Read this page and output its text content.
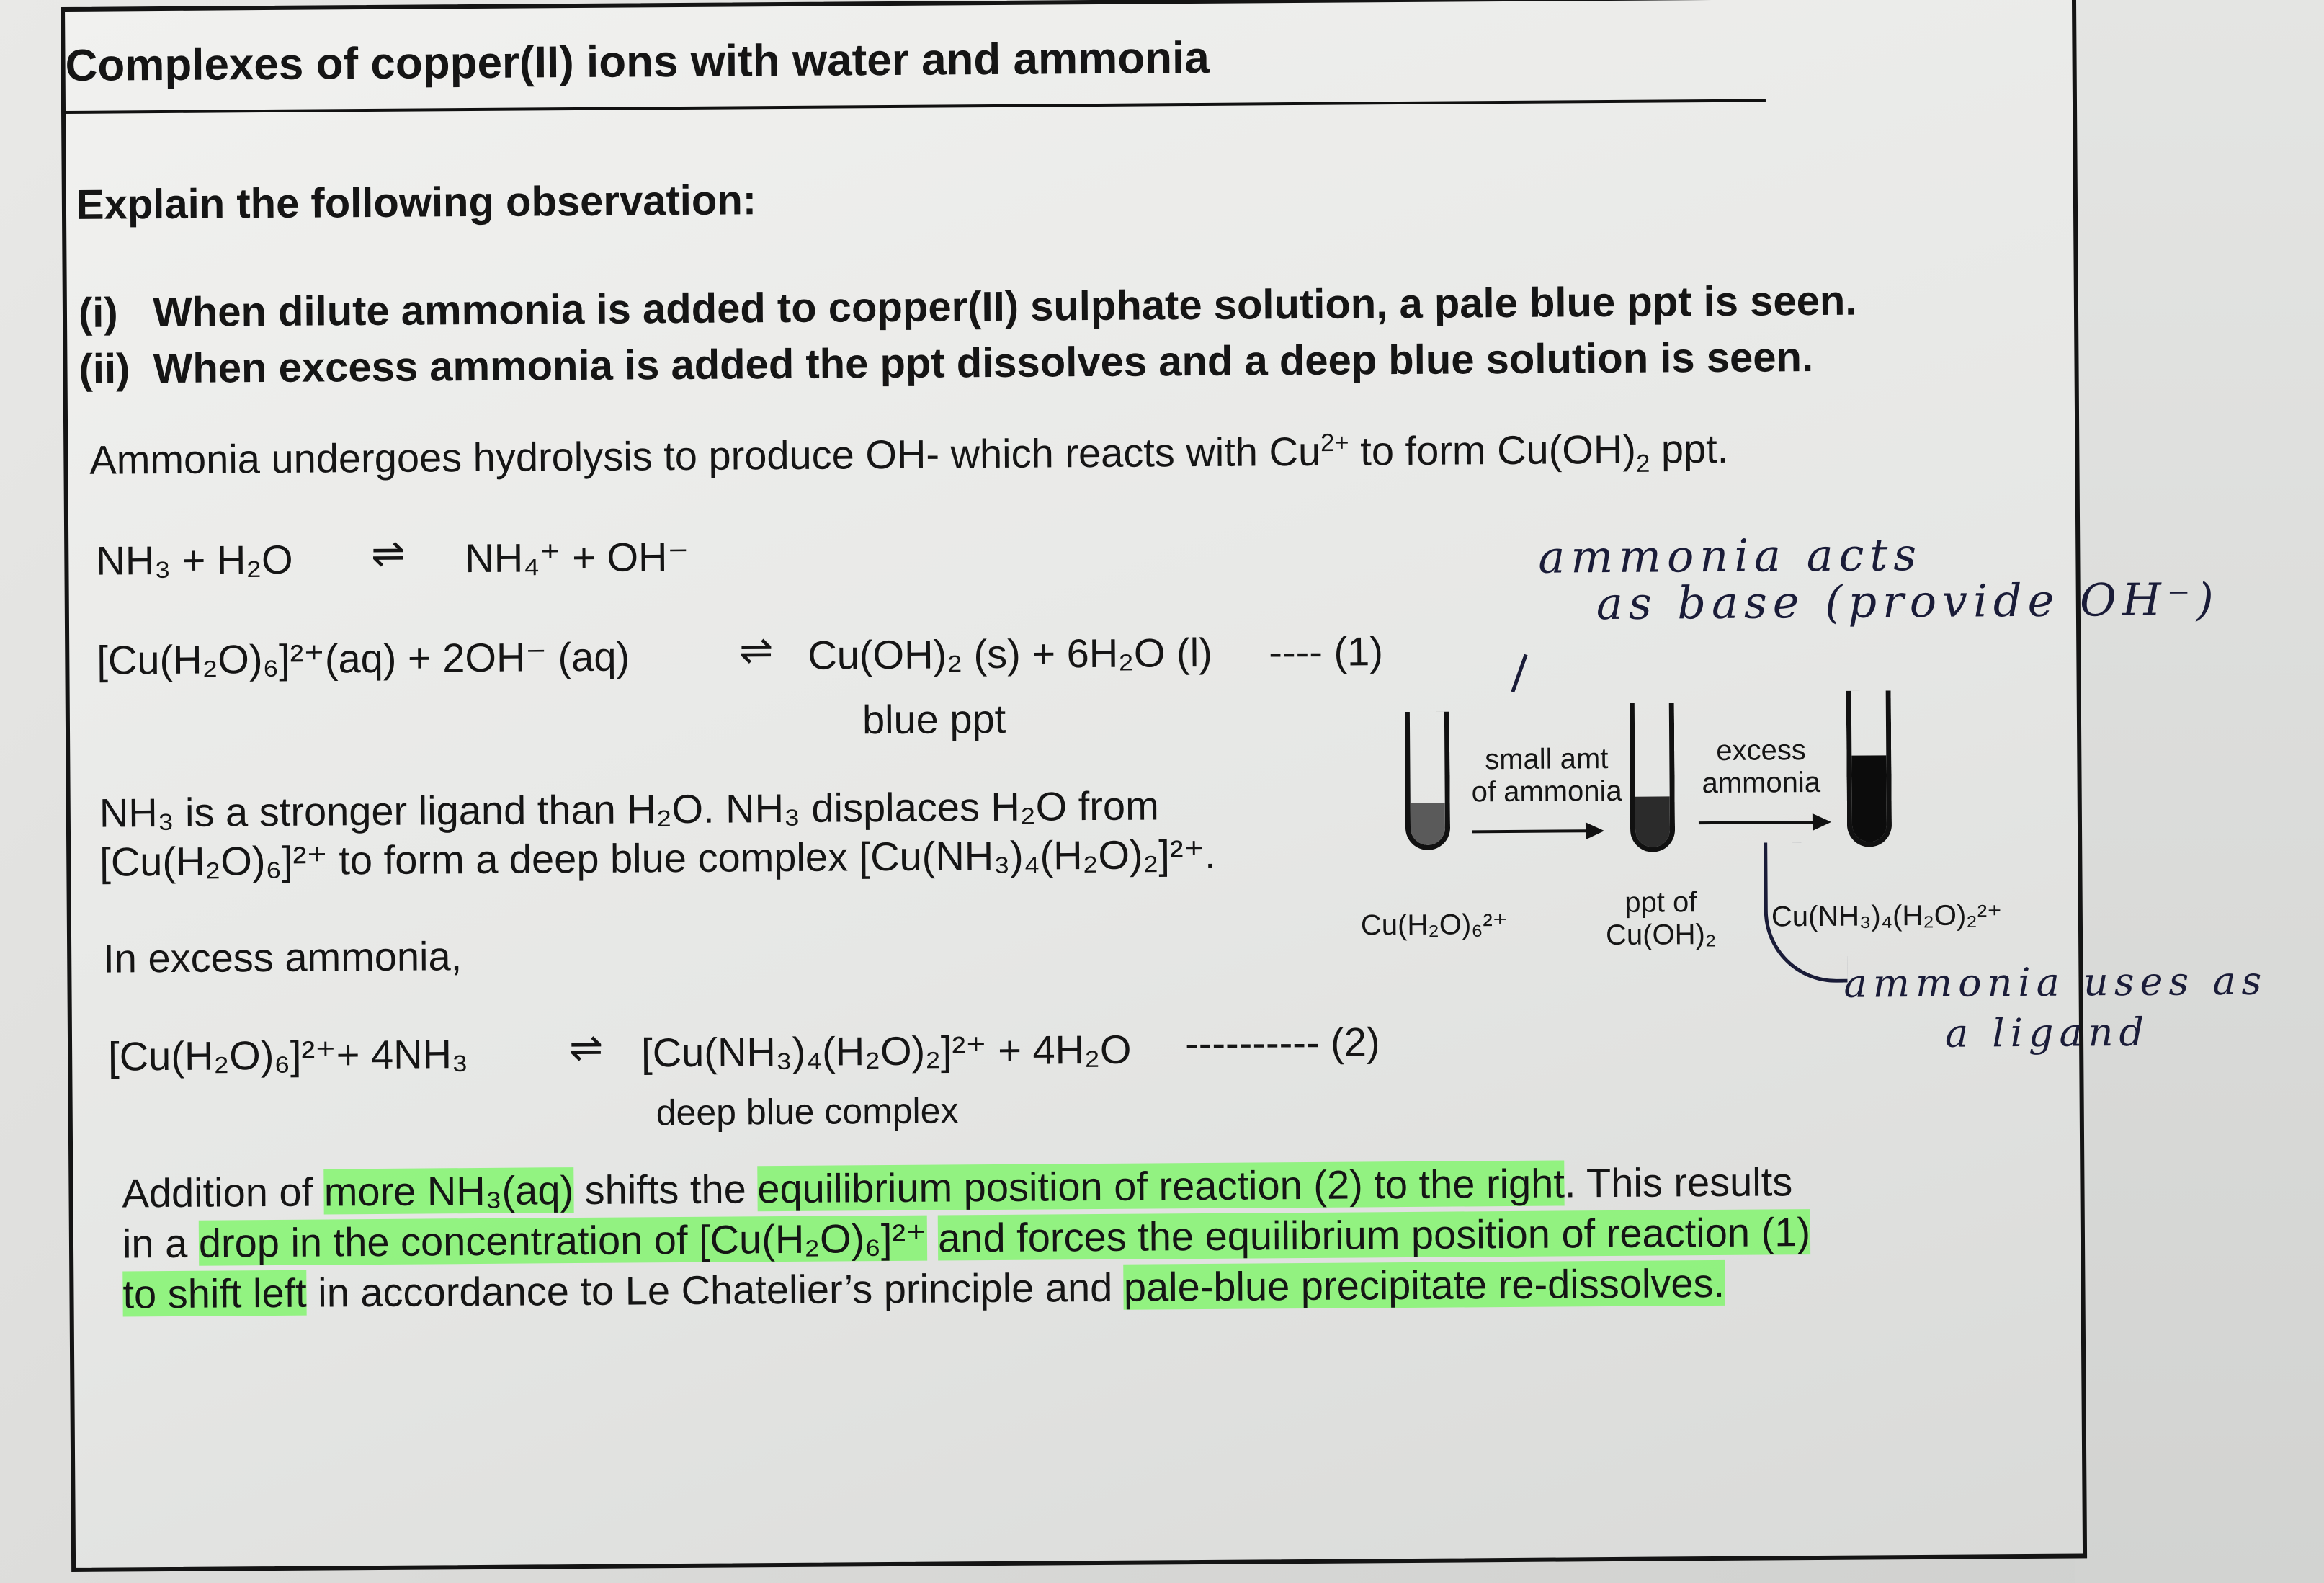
Complexes of copper(II) ions with water and ammonia
Explain the following observation:
(i) When dilute ammonia is added to copper(II) sulphate solution, a pale blue ppt is seen.
(ii) When excess ammonia is added the ppt dissolves and a deep blue solution is seen.
Ammonia undergoes hydrolysis to produce OH- which reacts with $Cu^{2+}$ to form $Cu(OH)_2$ ppt.
NH₃ + H₂O ⇌ NH₄⁺ + OH⁻
[Cu(H₂O)₆]²⁺(aq) + 2OH⁻ (aq)	⇌ Cu(OH)₂ (s) + 6H₂O (l) ---- (1)
blue ppt
NH₃ is a stronger ligand than H₂O. NH₃ displaces H₂O from
[Cu(H₂O)₆]²⁺ to form a deep blue complex [Cu(NH₃)₄(H₂O)₂]²⁺.
In excess ammonia,
[Cu(H₂O)₆]²⁺+ 4NH₃ ⇌ [Cu(NH₃)₄(H₂O)₂]²⁺ + 4H₂O ---------- (2)
deep blue complex
Addition of more NH₃(aq) shifts the equilibrium position of reaction (2) to the right. This results
in a drop in the concentration of [Cu(H₂O)₆]²⁺ and forces the equilibrium position of reaction (1)
to shift left in accordance to Le Chatelier’s principle and pale-blue precipitate re-dissolves.
small amt
of ammonia
excess
ammonia
Cu(H₂O)₆²⁺
ppt of
Cu(OH)₂
Cu(NH₃)₄(H₂O)₂²⁺
ammonia acts
as base (provide OH⁻)
ammonia uses as
a ligand
